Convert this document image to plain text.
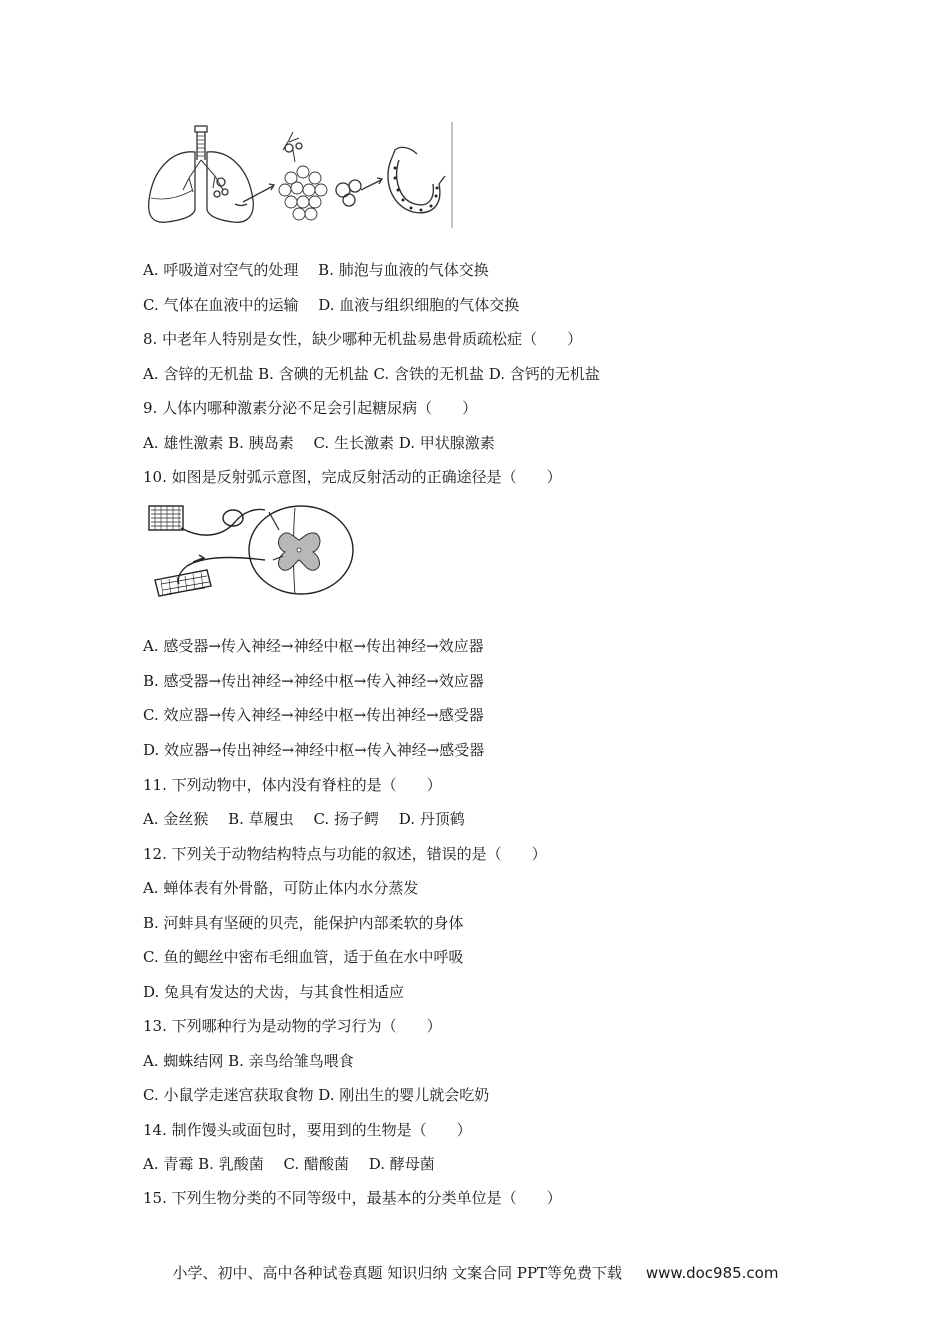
A. 呼吸道对空气的处理　 B. 肺泡与血液的气体交换
C. 气体在血液中的运输　 D. 血液与组织细胞的气体交换
8. 中老年人特别是女性，缺少哪种无机盐易患骨质疏松症（　　）
A. 含锌的无机盐 B. 含碘的无机盐 C. 含铁的无机盐 D. 含钙的无机盐
9. 人体内哪种激素分泌不足会引起糖尿病（　　）
A. 雄性激素 B. 胰岛素　 C. 生长激素 D. 甲状腺激素
10. 如图是反射弧示意图，完成反射活动的正确途径是（　　）
A. 感受器→传入神经→神经中枢→传出神经→效应器
B. 感受器→传出神经→神经中枢→传入神经→效应器
C. 效应器→传入神经→神经中枢→传出神经→感受器
D. 效应器→传出神经→神经中枢→传入神经→感受器
11. 下列动物中，体内没有脊柱的是（　　）
A. 金丝猴　 B. 草履虫　 C. 扬子鳄　 D. 丹顶鹤
12. 下列关于动物结构特点与功能的叙述，错误的是（　　）
A. 蝉体表有外骨骼，可防止体内水分蒸发
B. 河蚌具有坚硬的贝壳，能保护内部柔软的身体
C. 鱼的鳃丝中密布毛细血管，适于鱼在水中呼吸
D. 兔具有发达的犬齿，与其食性相适应
13. 下列哪种行为是动物的学习行为（　　）
A. 蜘蛛结网 B. 亲鸟给雏鸟喂食
C. 小鼠学走迷宫获取食物 D. 刚出生的婴儿就会吃奶
14. 制作馒头或面包时，要用到的生物是（　　）
A. 青霉 B. 乳酸菌　 C. 醋酸菌　 D. 酵母菌
15. 下列生物分类的不同等级中，最基本的分类单位是（　　）

小学、初中、高中各种试卷真题 知识归纳 文案合同 PPT等免费下载 www.doc985.com
